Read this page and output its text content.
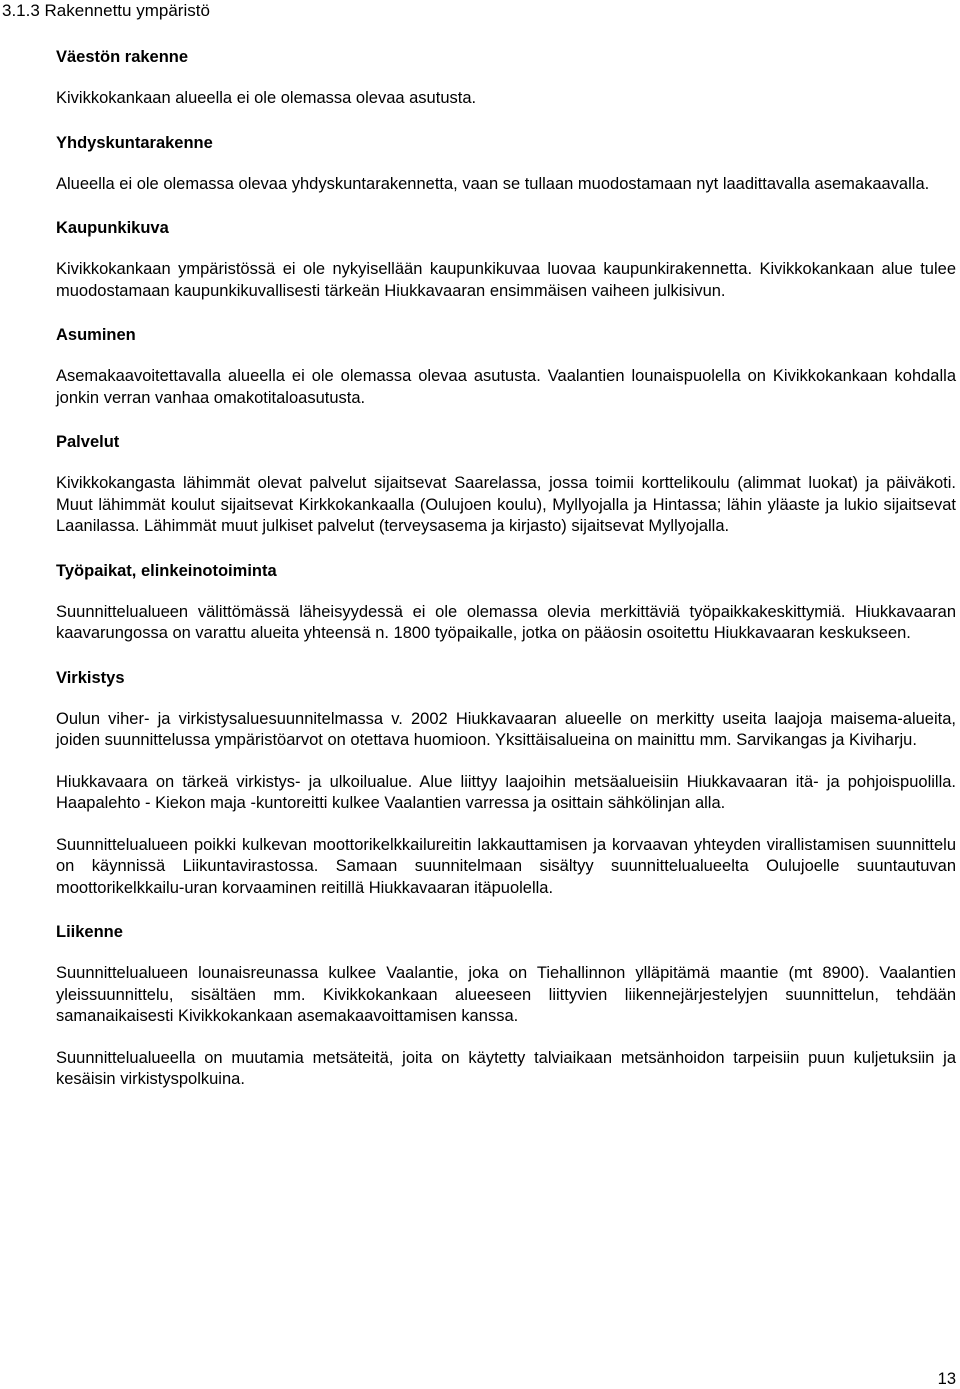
3.1.3 Rakennettu ympäristö

Väestön rakenne

Kivikkokankaan alueella ei ole olemassa olevaa asutusta.

Yhdyskuntarakenne

Alueella ei ole olemassa olevaa yhdyskuntarakennetta, vaan se tullaan muodostamaan nyt laadittavalla asemakaavalla.

Kaupunkikuva

Kivikkokankaan ympäristössä ei ole nykyisellään kaupunkikuvaa luovaa kaupunkirakennetta. Kivikkokankaan alue tulee muodostamaan kaupunkikuvallisesti tärkeän Hiukkavaaran ensimmäisen vaiheen julkisivun.

Asuminen

Asemakaavoitettavalla alueella ei ole olemassa olevaa asutusta. Vaalantien lounaispuolella on Kivikkokankaan kohdalla jonkin verran vanhaa omakotitaloasutusta.

Palvelut

Kivikkokangasta lähimmät olevat palvelut sijaitsevat Saarelassa, jossa toimii korttelikoulu (alimmat luokat) ja päiväkoti. Muut lähimmät koulut sijaitsevat Kirkkokankaalla (Oulujoen koulu), Myllyojalla ja Hintassa; lähin yläaste ja lukio sijaitsevat Laanilassa. Lähimmät muut julkiset palvelut (terveysasema ja kirjasto) sijaitsevat Myllyojalla.

Työpaikat, elinkeinotoiminta

Suunnittelualueen välittömässä läheisyydessä ei ole olemassa olevia merkittäviä työpaikkakeskittymiä. Hiukkavaaran kaavarungossa on varattu alueita yhteensä n. 1800 työpaikalle, jotka on pääosin osoitettu Hiukkavaaran keskukseen.

Virkistys

Oulun viher- ja virkistysaluesuunnitelmassa v. 2002 Hiukkavaaran alueelle on merkitty useita laajoja maisema-alueita, joiden suunnittelussa ympäristöarvot on otettava huomioon. Yksittäisalueina on mainittu mm. Sarvikangas ja Kiviharju.

Hiukkavaara on tärkeä virkistys- ja ulkoilualue. Alue liittyy laajoihin metsäalueisiin Hiukkavaaran itä- ja pohjoispuolilla. Haapalehto - Kiekon maja -kuntoreitti kulkee Vaalantien varressa ja osittain sähkölinjan alla.

Suunnittelualueen poikki kulkevan moottorikelkkailureitin lakkauttamisen ja korvaavan yhteyden virallistamisen suunnittelu on käynnissä Liikuntavirastossa. Samaan suunnitelmaan sisältyy suunnittelualueelta Oulujoelle suuntautuvan moottorikelkkailu-uran korvaaminen reitillä Hiukkavaaran itäpuolella.

Liikenne

Suunnittelualueen lounaisreunassa kulkee Vaalantie, joka on Tiehallinnon ylläpitämä maantie (mt 8900). Vaalantien yleissuunnittelu, sisältäen mm. Kivikkokankaan alueeseen liittyvien liikennejärjestelyjen suunnittelun, tehdään samanaikaisesti Kivikkokankaan asemakaavoittamisen kanssa.

Suunnittelualueella on muutamia metsäteitä, joita on käytetty talviaikaan metsänhoidon tarpeisiin puun kuljetuksiin ja kesäisin virkistyspolkuina.

13
